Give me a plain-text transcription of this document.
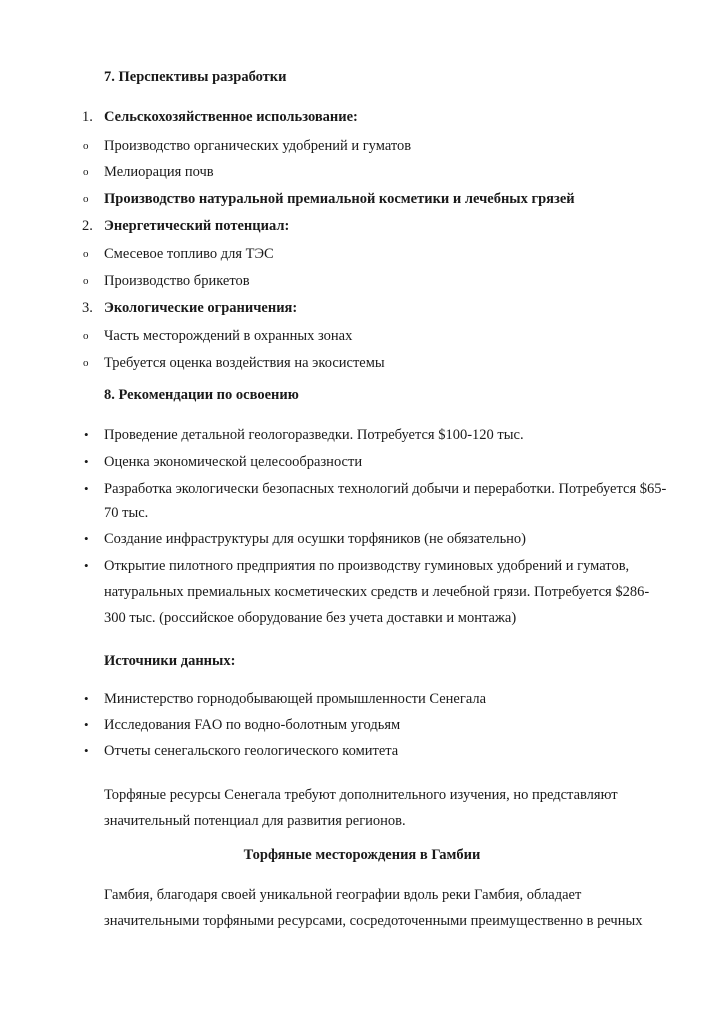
7. Перспективы разработки
1. Сельскохозяйственное использование:
o Производство органических удобрений и гуматов
o Мелиорация почв
o Производство натуральной премиальной косметики и лечебных грязей
2. Энергетический потенциал:
o Смесевое топливо для ТЭС
o Производство брикетов
3. Экологические ограничения:
o Часть месторождений в охранных зонах
o Требуется оценка воздействия на экосистемы
8. Рекомендации по освоению
• Проведение детальной геологоразведки. Потребуется $100-120 тыс.
• Оценка экономической целесообразности
• Разработка экологически безопасных технологий добычи и переработки. Потребуется $65-
70 тыс.
• Создание инфраструктуры для осушки торфяников (не обязательно)
• Открытие пилотного предприятия по производству гуминовых удобрений и гуматов,
натуральных премиальных косметических средств и лечебной грязи. Потребуется $286-
300 тыс. (российское оборудование без учета доставки и монтажа)
Источники данных:
• Министерство горнодобывающей промышленности Сенегала
• Исследования FAO по водно-болотным угодьям
• Отчеты сенегальского геологического комитета
Торфяные ресурсы Сенегала требуют дополнительного изучения, но представляют
значительный потенциал для развития регионов.
Торфяные месторождения в Гамбии
Гамбия, благодаря своей уникальной географии вдоль реки Гамбия, обладает
значительными торфяными ресурсами, сосредоточенными преимущественно в речных
